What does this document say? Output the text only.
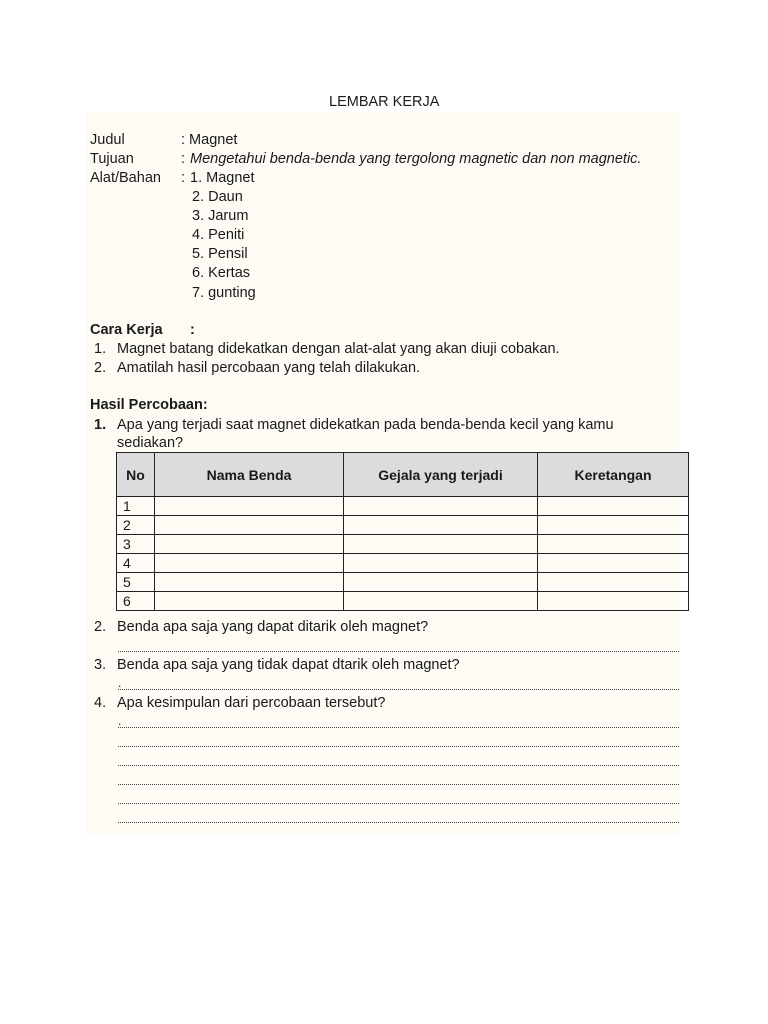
LEMBAR KERJA
Judul	: Magnet
Tujuan	: Mengetahui benda-benda yang tergolong magnetic dan non magnetic.
Alat/Bahan : 1. Magnet
2. Daun
3. Jarum
4. Peniti
5. Pensil
6. Kertas
7. gunting
Cara Kerja :
1. Magnet batang didekatkan dengan alat-alat yang akan diuji cobakan.
2. Amatilah hasil percobaan yang telah dilakukan.
Hasil Percobaan:
1. Apa yang terjadi saat magnet didekatkan pada benda-benda kecil yang kamu
sediakan?
No	Nama Benda	Gejala yang terjadi	Keretangan
1			
2			
3			
4			
5			
6			
2. Benda apa saja yang dapat ditarik oleh magnet?
3. Benda apa saja yang tidak dapat dtarik oleh magnet?
.
4. Apa kesimpulan dari percobaan tersebut?
.
